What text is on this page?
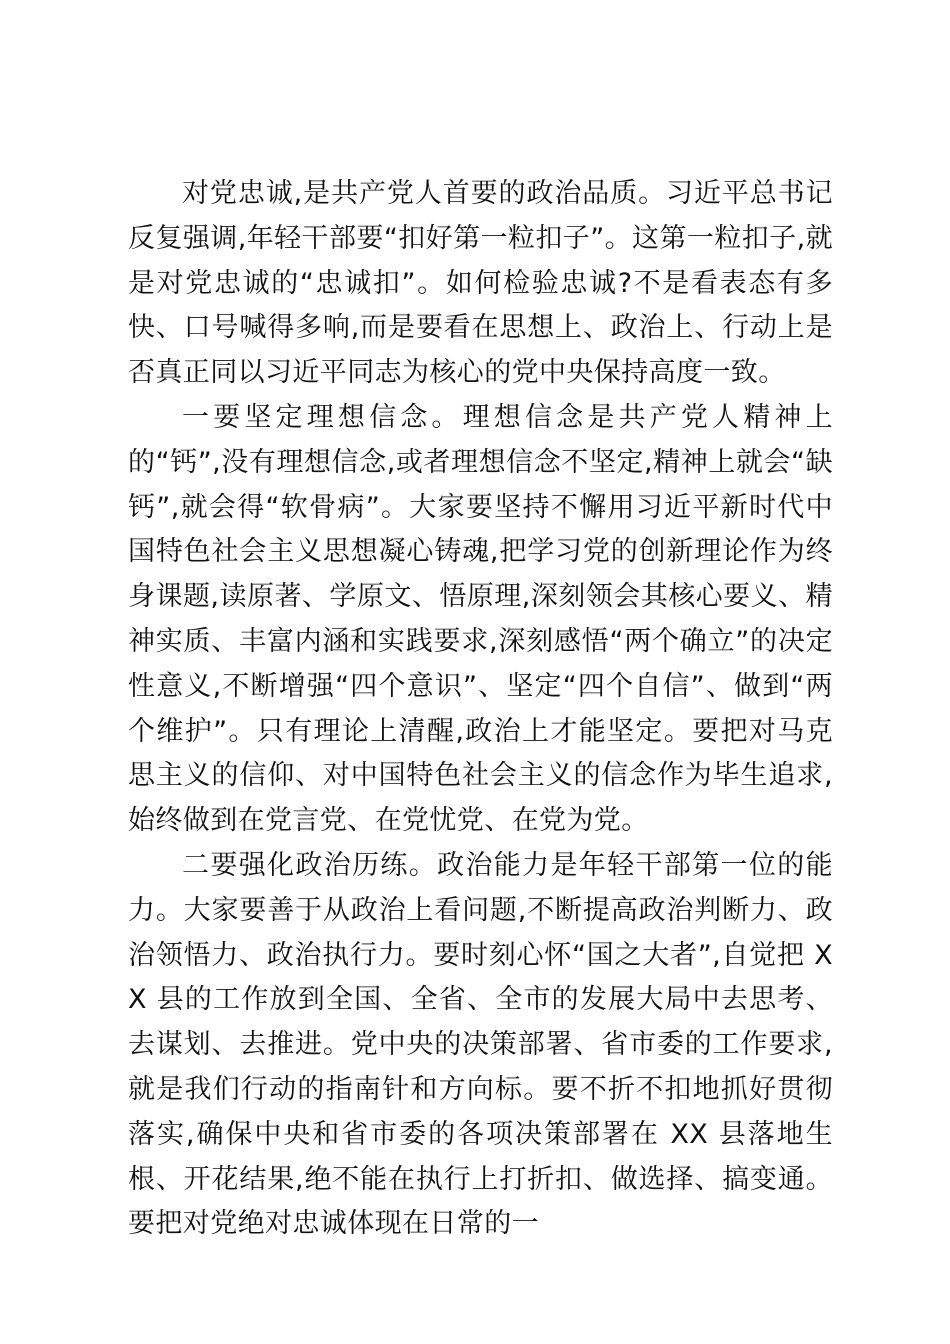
对党忠诚,是共产党人首要的政治品质。习近平总书记反复强调,年轻干部要“扣好第一粒扣子”。这第一粒扣子,就是对党忠诚的“忠诚扣”。如何检验忠诚?不是看表态有多快、口号喊得多响,而是要看在思想上、政治上、行动上是否真正同以习近平同志为核心的党中央保持高度一致。

一要坚定理想信念。理想信念是共产党人精神上的“钙”,没有理想信念,或者理想信念不坚定,精神上就会“缺钙”,就会得“软骨病”。大家要坚持不懈用习近平新时代中国特色社会主义思想凝心铸魂,把学习党的创新理论作为终身课题,读原著、学原文、悟原理,深刻领会其核心要义、精神实质、丰富内涵和实践要求,深刻感悟“两个确立”的决定性意义,不断增强“四个意识”、坚定“四个自信”、做到“两个维护”。只有理论上清醒,政治上才能坚定。要把对马克思主义的信仰、对中国特色社会主义的信念作为毕生追求,始终做到在党言党、在党忧党、在党为党。

二要强化政治历练。政治能力是年轻干部第一位的能力。大家要善于从政治上看问题,不断提高政治判断力、政治领悟力、政治执行力。要时刻心怀“国之大者”,自觉把 XX 县的工作放到全国、全省、全市的发展大局中去思考、去谋划、去推进。党中央的决策部署、省市委的工作要求,就是我们行动的指南针和方向标。要不折不扣地抓好贯彻落实,确保中央和省市委的各项决策部署在 XX 县落地生根、开花结果,绝不能在执行上打折扣、做选择、搞变通。要把对党绝对忠诚体现在日常的一
